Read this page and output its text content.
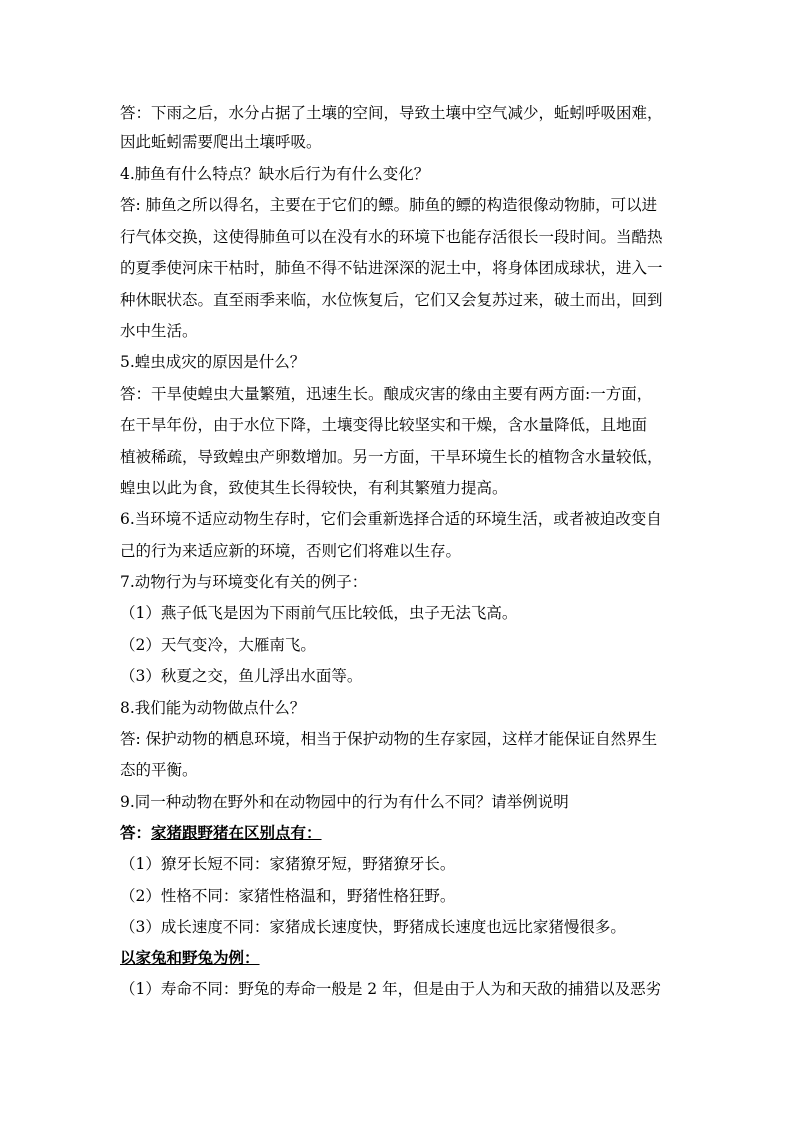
答：下雨之后，水分占据了土壤的空间，导致土壤中空气减少，蚯蚓呼吸困难，
因此蚯蚓需要爬出土壤呼吸。
4.肺鱼有什么特点？缺水后行为有什么变化？
答: 肺鱼之所以得名，主要在于它们的鳔。肺鱼的鳔的构造很像动物肺，可以进
行气体交换，这使得肺鱼可以在没有水的环境下也能存活很长一段时间。当酷热
的夏季使河床干枯时，肺鱼不得不钻进深深的泥土中，将身体团成球状，进入一
种休眠状态。直至雨季来临，水位恢复后，它们又会复苏过来，破土而出，回到
水中生活。
5.蝗虫成灾的原因是什么？
答：干旱使蝗虫大量繁殖，迅速生长。酿成灾害的缘由主要有两方面:一方面，
在干旱年份，由于水位下降，土壤变得比较坚实和干燥，含水量降低，且地面
植被稀疏，导致蝗虫产卵数增加。另一方面，干旱环境生长的植物含水量较低，
蝗虫以此为食，致使其生长得较快，有利其繁殖力提高。
6.当环境不适应动物生存时，它们会重新选择合适的环境生活，或者被迫改变自
己的行为来适应新的环境，否则它们将难以生存。
7.动物行为与环境变化有关的例子：
（1）燕子低飞是因为下雨前气压比较低，虫子无法飞高。
（2）天气变冷，大雁南飞。
（3）秋夏之交，鱼儿浮出水面等。
8.我们能为动物做点什么？
答: 保护动物的栖息环境，相当于保护动物的生存家园，这样才能保证自然界生
态的平衡。
9.同一种动物在野外和在动物园中的行为有什么不同？请举例说明
答：家猪跟野猪在区别点有：
（1）獠牙长短不同：家猪獠牙短，野猪獠牙长。
（2）性格不同：家猪性格温和，野猪性格狂野。
（3）成长速度不同：家猪成长速度快，野猪成长速度也远比家猪慢很多。
以家兔和野兔为例：
（1）寿命不同：野兔的寿命一般是 2 年，但是由于人为和天敌的捕猎以及恶劣
